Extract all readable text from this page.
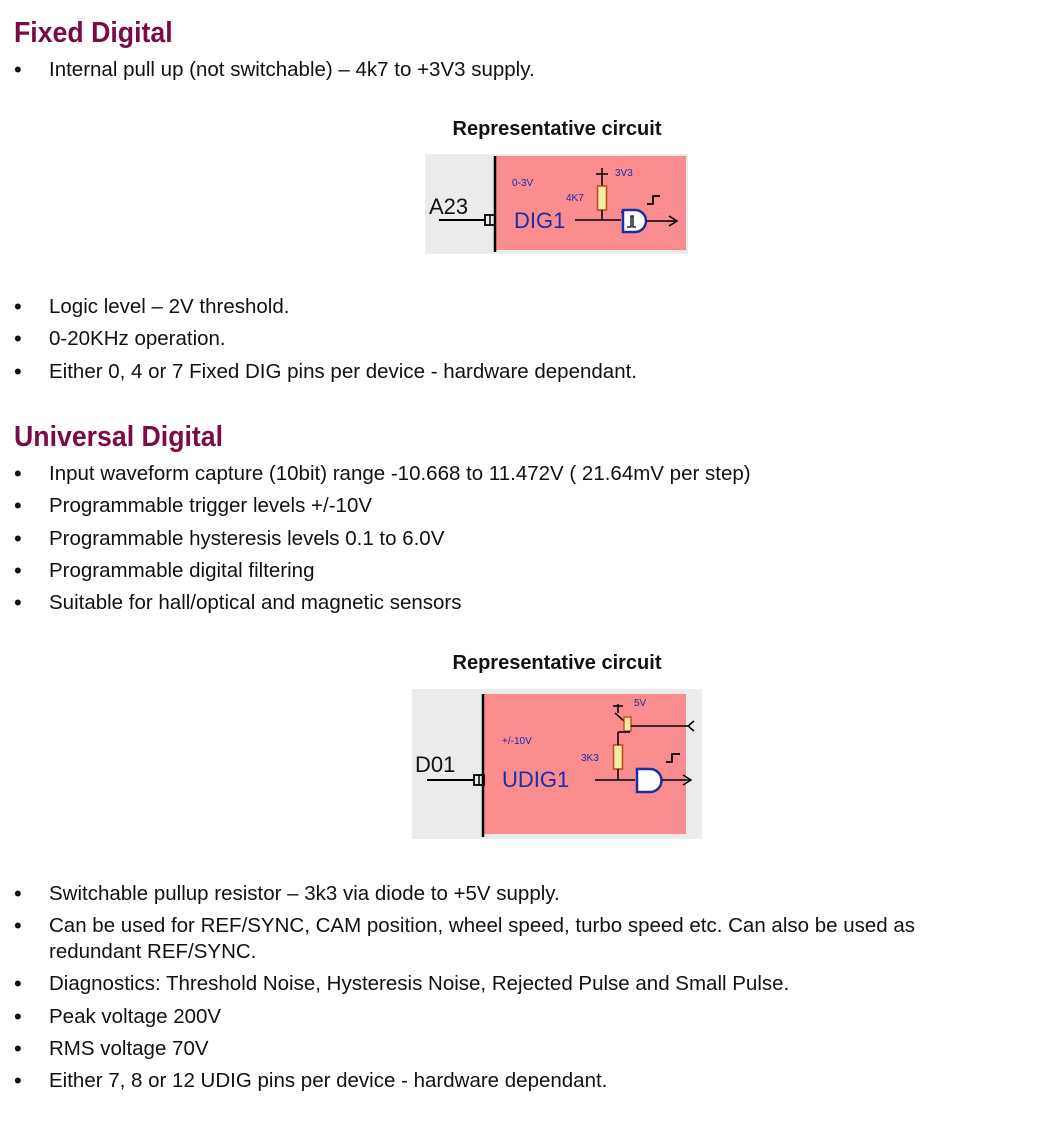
Fixed Digital
• Internal pull up (not switchable) – 4k7 to +3V3 supply.
Representative circuit
A23
0-3V
4K7
3V3
DIG1
• Logic level – 2V threshold.
• 0-20KHz operation.
• Either 0, 4 or 7 Fixed DIG pins per device - hardware dependant.
Universal Digital
• Input waveform capture (10bit) range -10.668 to 11.472V ( 21.64mV per step)
• Programmable trigger levels +/-10V
• Programmable hysteresis levels 0.1 to 6.0V
• Programmable digital filtering
• Suitable for hall/optical and magnetic sensors
Representative circuit
D01
+/-10V
3K3
5V
UDIG1
• Switchable pullup resistor – 3k3 via diode to +5V supply.
• Can be used for REF/SYNC, CAM position, wheel speed, turbo speed etc. Can also be used as redundant REF/SYNC.
• Diagnostics: Threshold Noise, Hysteresis Noise, Rejected Pulse and Small Pulse.
• Peak voltage 200V
• RMS voltage 70V
• Either 7, 8 or 12 UDIG pins per device - hardware dependant.
